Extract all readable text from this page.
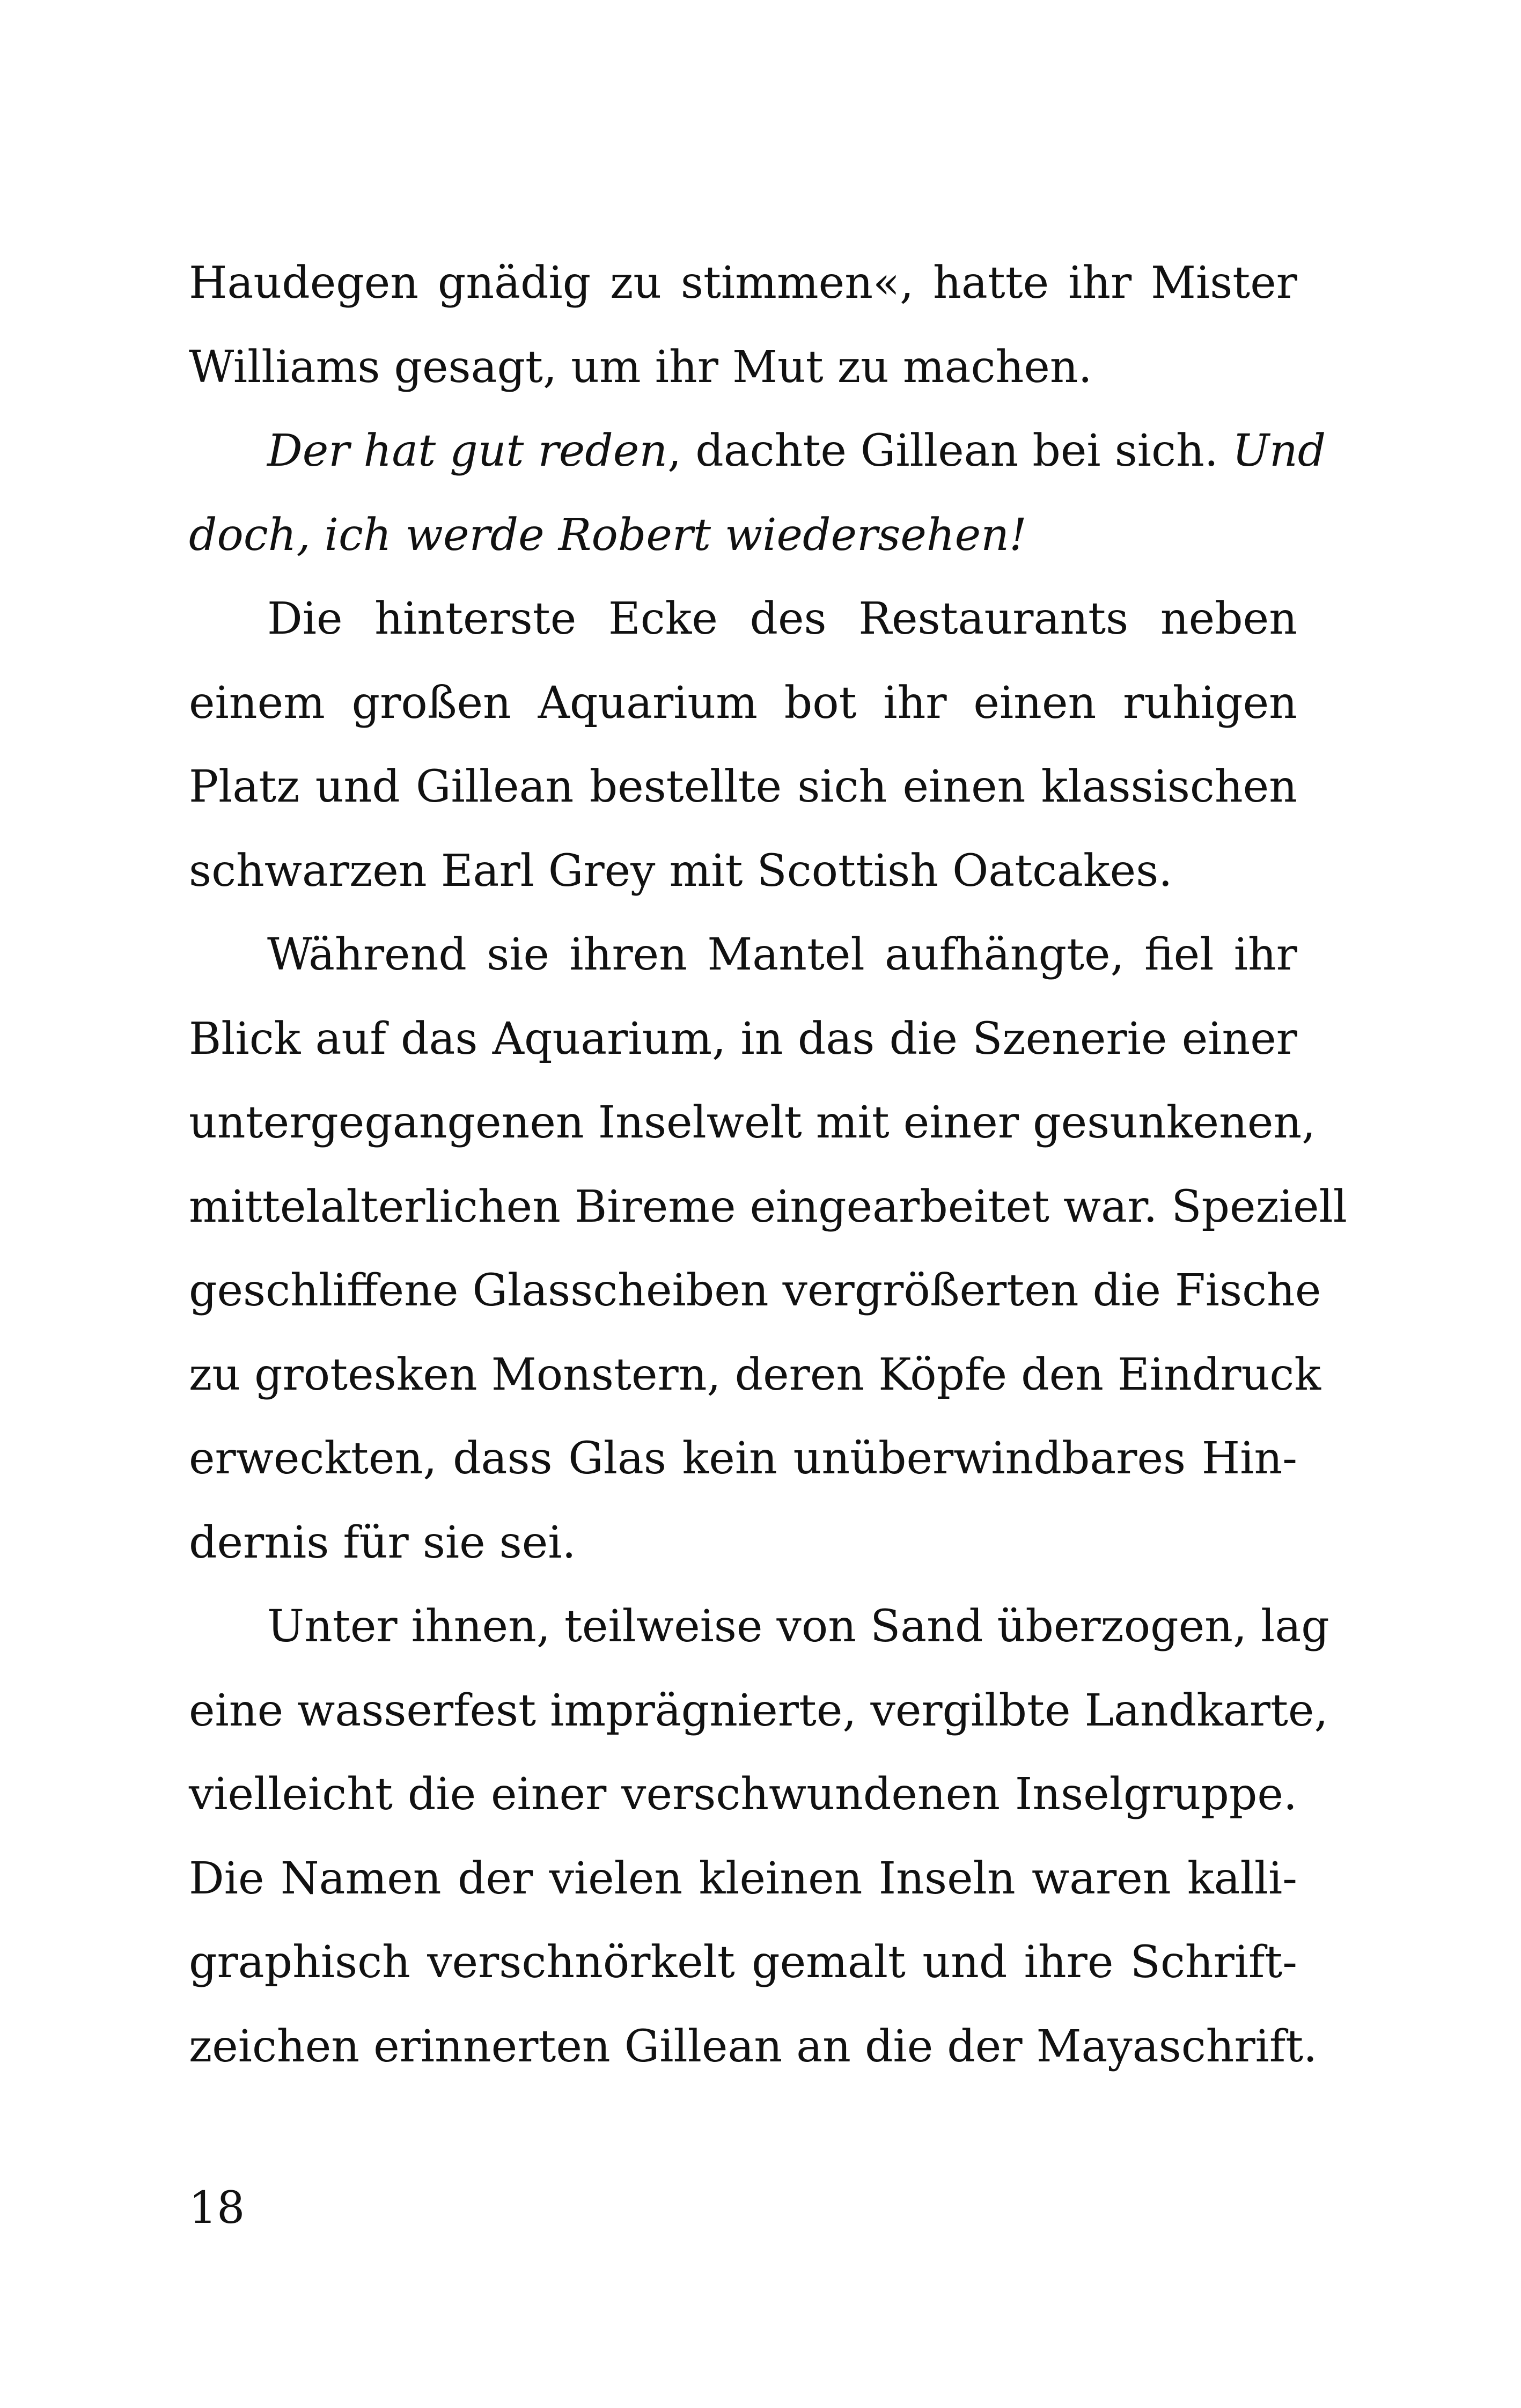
Haudegen gnädig zu stimmen«, hatte ihr Mister
Williams gesagt, um ihr Mut zu machen.
Der hat gut reden, dachte Gillean bei sich. Und
doch, ich werde Robert wiedersehen!
Die hinterste Ecke des Restaurants neben
einem großen Aquarium bot ihr einen ruhigen
Platz und Gillean bestellte sich einen klassischen
schwarzen Earl Grey mit Scottish Oatcakes.
Während sie ihren Mantel aufhängte, fiel ihr
Blick auf das Aquarium, in das die Szenerie einer
untergegangenen Inselwelt mit einer gesunkenen,
mittelalterlichen Bireme eingearbeitet war. Speziell
geschliffene Glasscheiben vergrößerten die Fische
zu grotesken Monstern, deren Köpfe den Eindruck
erweckten, dass Glas kein unüberwindbares Hin-
dernis für sie sei.
Unter ihnen, teilweise von Sand überzogen, lag
eine wasserfest imprägnierte, vergilbte Landkarte,
vielleicht die einer verschwundenen Inselgruppe.
Die Namen der vielen kleinen Inseln waren kalli-
graphisch verschnörkelt gemalt und ihre Schrift-
zeichen erinnerten Gillean an die der Mayaschrift.
18
